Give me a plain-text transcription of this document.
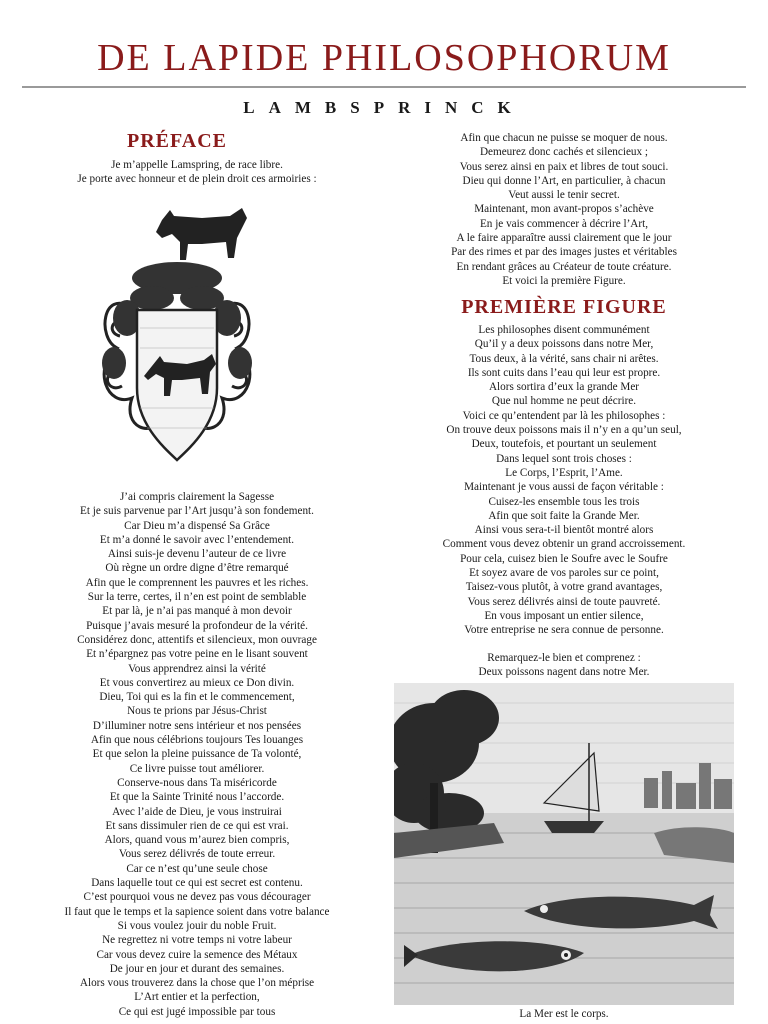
DE LAPIDE PHILOSOPHORUM
LAMBSPRINCK
PRÉFACE
Je m’appelle Lamspring, de race libre.
Je porte avec honneur et de plein droit ces armoiries :
J’ai compris clairement la Sagesse
Et je suis parvenue par l’Art jusqu’à son fondement.
Car Dieu m’a dispensé Sa Grâce
Et m’a donné le savoir avec l’entendement.
Ainsi suis-je devenu l’auteur de ce livre
Où règne un ordre digne d’être remarqué
Afin que le comprennent les pauvres et les riches.
Sur la terre, certes, il n’en est point de semblable
Et par là, je n’ai pas manqué à mon devoir
Puisque j’avais mesuré la profondeur de la vérité.
Considérez donc, attentifs et silencieux, mon ouvrage
Et n’épargnez pas votre peine en le lisant souvent
Vous apprendrez ainsi la vérité
Et vous convertirez au mieux ce Don divin.
Dieu, Toi qui es la fin et le commencement,
Nous te prions par Jésus-Christ
D’illuminer notre sens intérieur et nos pensées
Afin que nous célébrions toujours Tes louanges
Et que selon la pleine puissance de Ta volonté,
Ce livre puisse tout améliorer.
Conserve-nous dans Ta miséricorde
Et que la Sainte Trinité nous l’accorde.
Avec l’aide de Dieu, je vous instruirai
Et sans dissimuler rien de ce qui est vrai.
Alors, quand vous m’aurez bien compris,
Vous serez délivrés de toute erreur.
Car ce n’est qu’une seule chose
Dans laquelle tout ce qui est secret est contenu.
C’est pourquoi vous ne devez pas vous décourager
Il faut que le temps et la sapience soient dans votre balance
Si vous voulez jouir du noble Fruit.
Ne regrettez ni votre temps ni votre labeur
Car vous devez cuire la semence des Métaux
De jour en jour et durant des semaines.
Alors vous trouverez dans la chose que l’on méprise
L’Art entier et la perfection,
Ce qui est jugé impossible par tous
Afin que chacun ne puisse se moquer de nous.
Demeurez donc cachés et silencieux ;
Vous serez ainsi en paix et libres de tout souci.
Dieu qui donne l’Art, en particulier, à chacun
Veut aussi le tenir secret.
Maintenant, mon avant-propos s’achève
En je vais commencer à décrire l’Art,
A le faire apparaître aussi clairement que le jour
Par des rimes et par des images justes et véritables
En rendant grâces au Créateur de toute créature.
Et voici la première Figure.
PREMIÈRE FIGURE
Les philosophes disent communément
Qu’il y a deux poissons dans notre Mer,
Tous deux, à la vérité, sans chair ni arêtes.
Ils sont cuits dans l’eau qui leur est propre.
Alors sortira d’eux la grande Mer
Que nul homme ne peut décrire.
Voici ce qu’entendent par là les philosophes :
On trouve deux poissons mais il n’y en a qu’un seul,
Deux, toutefois, et pourtant un seulement
Dans lequel sont trois choses :
Le Corps, l’Esprit, l’Ame.
Maintenant je vous aussi de façon véritable :
Cuisez-les ensemble tous les trois
Afin que soit faite la Grande Mer.
Ainsi vous sera-t-il bientôt montré alors
Comment vous devez obtenir un grand accroissement.
Pour cela, cuisez bien le Soufre avec le Soufre
Et soyez avare de vos paroles sur ce point,
Taisez-vous plutôt, à votre grand avantages,
Vous serez délivrés ainsi de toute pauvreté.
En vous imposant un entier silence,
Votre entreprise ne sera connue de personne.
Remarquez-le bien et comprenez :
Deux poissons nagent dans notre Mer.
La Mer est le corps.
